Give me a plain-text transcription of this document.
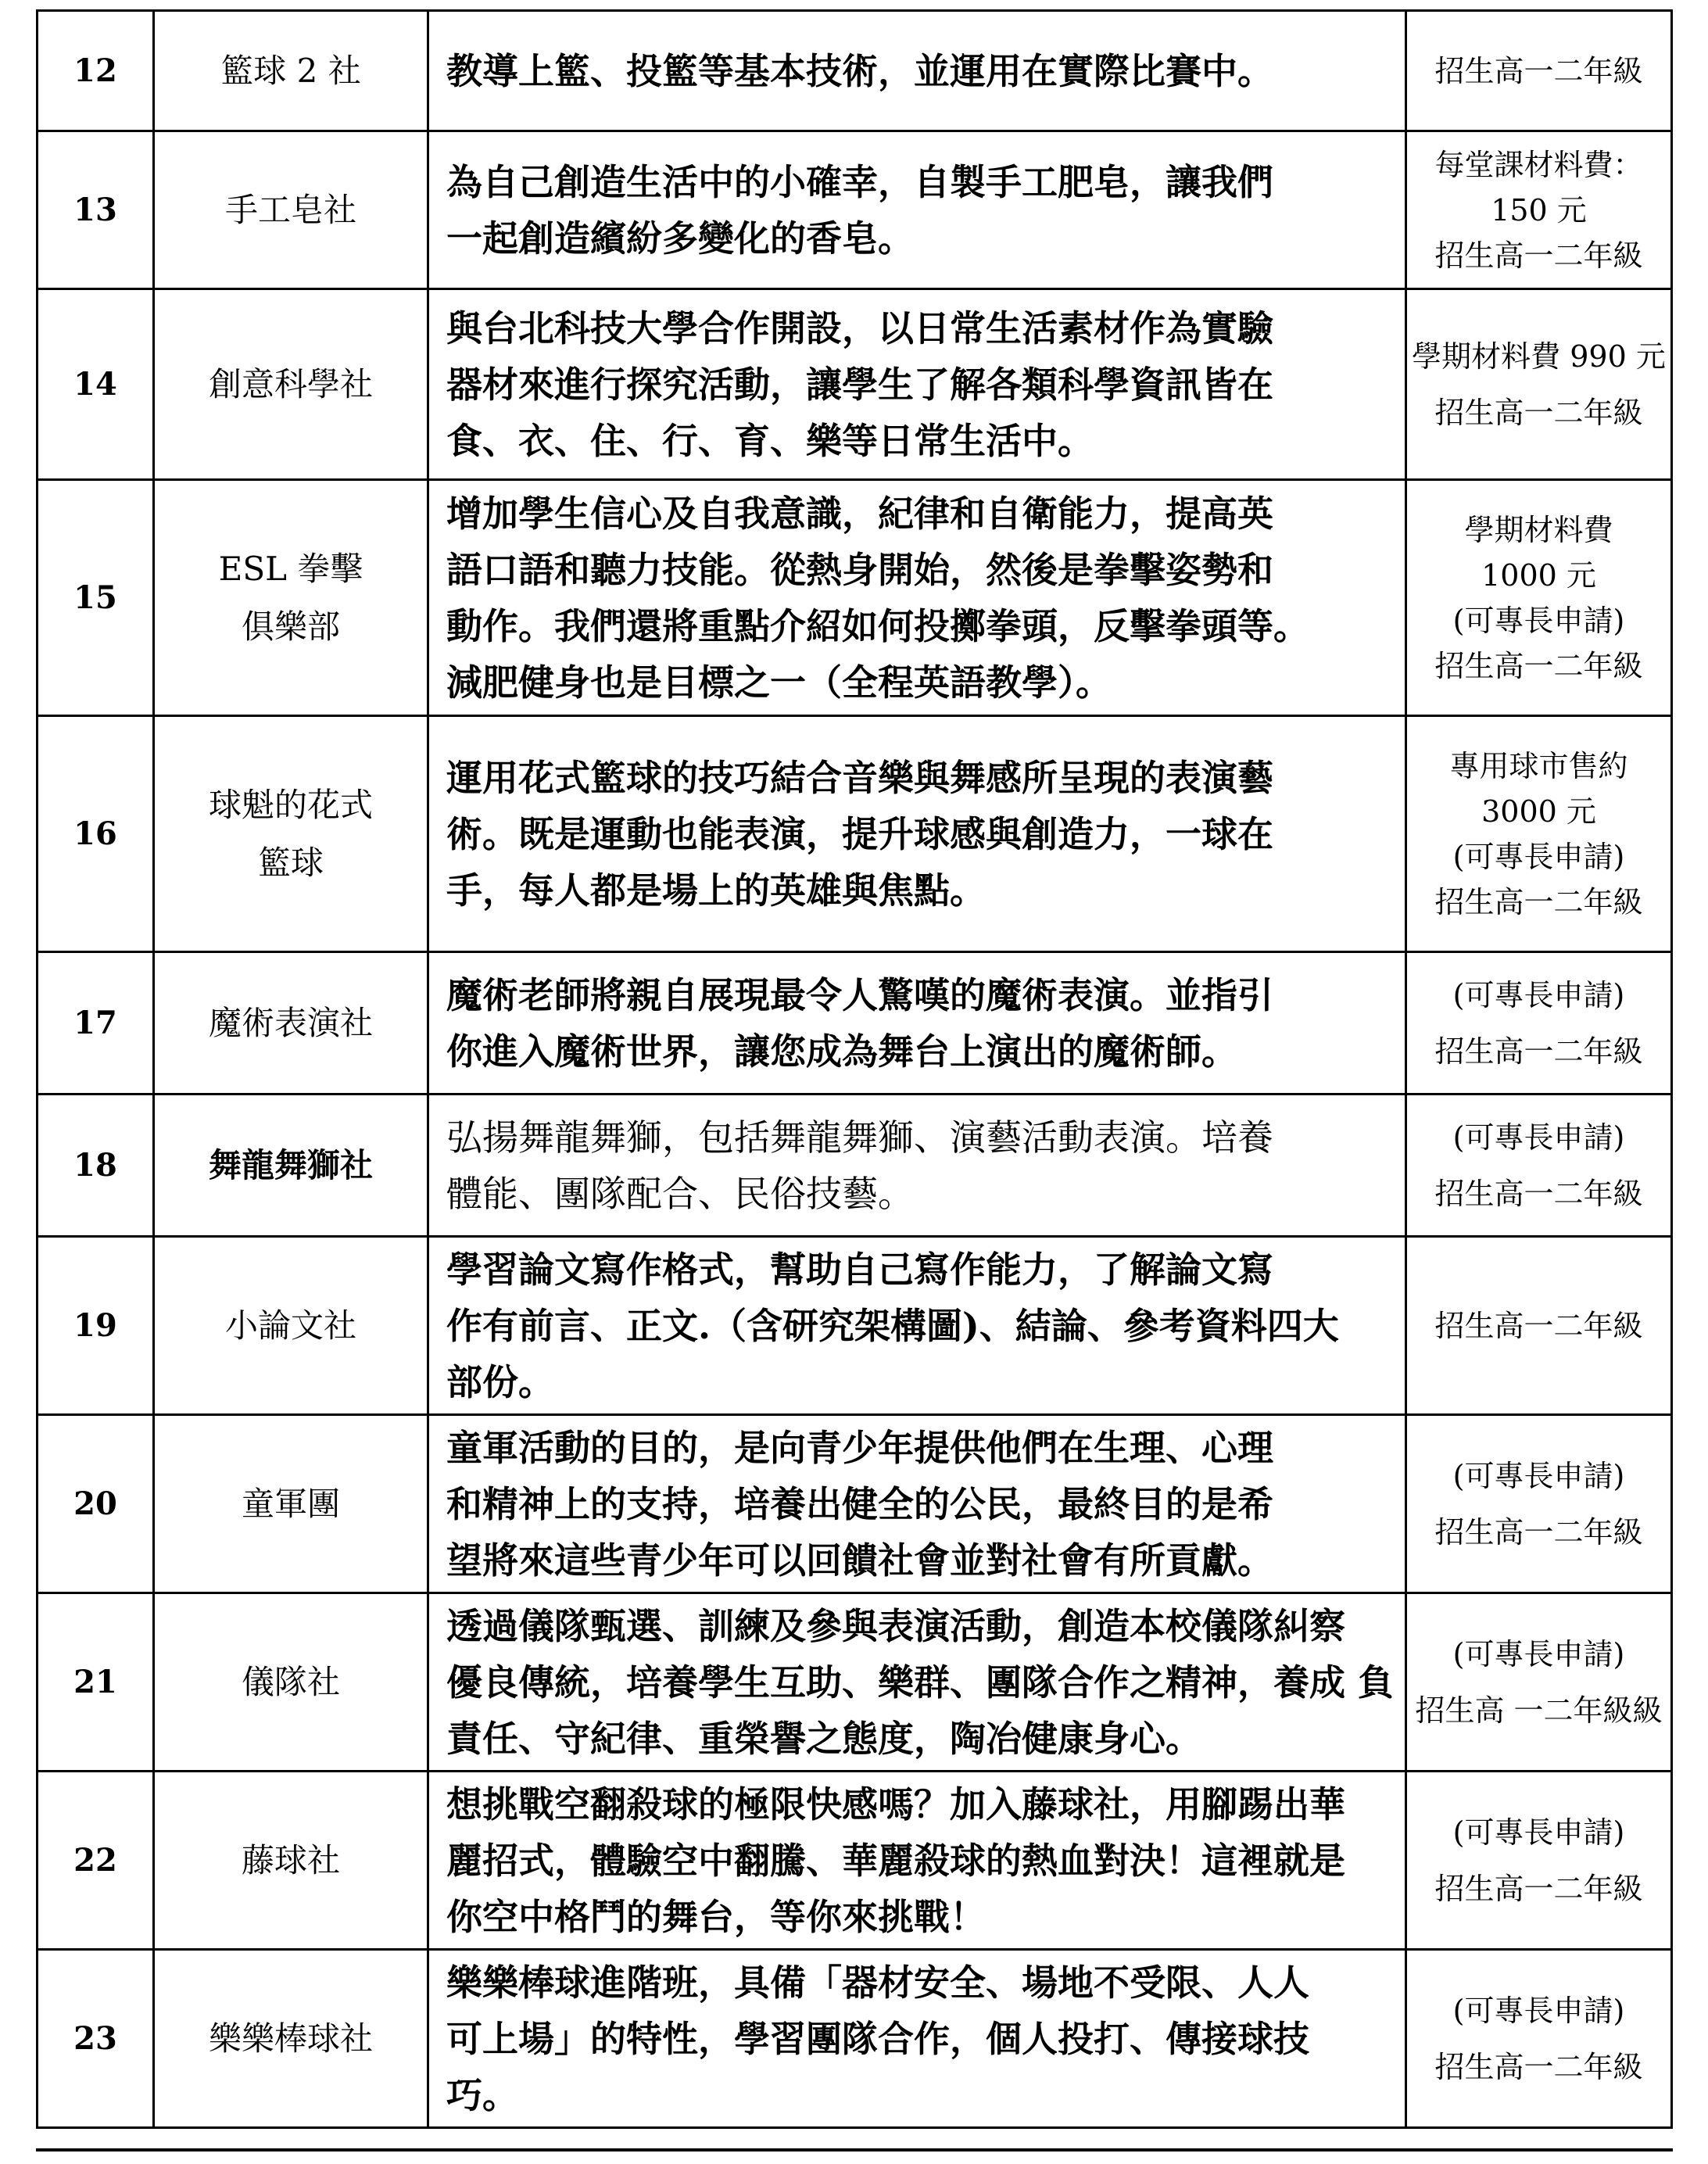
12	籃球 2 社	教導上籃、投籃等基本技術，並運用在實際比賽中。	招生高一二年級

13	手工皂社	為自己創造生活中的小確幸，自製手工肥皂，讓我們
一起創造繽紛多變化的香皂。	每堂課材料費：
150 元
招生高一二年級

14	創意科學社	與台北科技大學合作開設，以日常生活素材作為實驗
器材來進行探究活動，讓學生了解各類科學資訊皆在
食、衣、住、行、育、樂等日常生活中。	學期材料費 990 元
招生高一二年級

15	ESL 拳擊
俱樂部	增加學生信心及自我意識，紀律和自衛能力，提高英
語口語和聽力技能。從熱身開始，然後是拳擊姿勢和
動作。我們還將重點介紹如何投擲拳頭，反擊拳頭等。
減肥健身也是目標之一（全程英語教學）。	學期材料費
1000 元
(可專長申請)
招生高一二年級

16	球魁的花式
籃球	運用花式籃球的技巧結合音樂與舞感所呈現的表演藝
術。既是運動也能表演，提升球感與創造力，一球在
手，每人都是場上的英雄與焦點。	專用球市售約
3000 元
(可專長申請)
招生高一二年級

17	魔術表演社	魔術老師將親自展現最令人驚嘆的魔術表演。並指引
你進入魔術世界，讓您成為舞台上演出的魔術師。	(可專長申請)
招生高一二年級

18	舞龍舞獅社	弘揚舞龍舞獅，包括舞龍舞獅、演藝活動表演。培養
體能、團隊配合、民俗技藝。	(可專長申請)
招生高一二年級

19	小論文社	學習論文寫作格式，幫助自己寫作能力，了解論文寫
作有前言、正文.（含研究架構圖)、結論、參考資料四大
部份。	招生高一二年級

20	童軍團	童軍活動的目的，是向青少年提供他們在生理、心理
和精神上的支持，培養出健全的公民，最終目的是希
望將來這些青少年可以回饋社會並對社會有所貢獻。	(可專長申請)
招生高一二年級

21	儀隊社	透過儀隊甄選、訓練及參與表演活動，創造本校儀隊糾察
優良傳統，培養學生互助、樂群、團隊合作之精神，養成 負
責任、守紀律、重榮譽之態度，陶冶健康身心。	(可專長申請)
招生高 一二年級級

22	藤球社	想挑戰空翻殺球的極限快感嗎？加入藤球社，用腳踢出華
麗招式，體驗空中翻騰、華麗殺球的熱血對決！這裡就是
你空中格鬥的舞台，等你來挑戰！	(可專長申請)
招生高一二年級

23	樂樂棒球社	樂樂棒球進階班，具備「器材安全、場地不受限、人人
可上場」的特性，學習團隊合作，個人投打、傳接球技
巧。	(可專長申請)
招生高一二年級
